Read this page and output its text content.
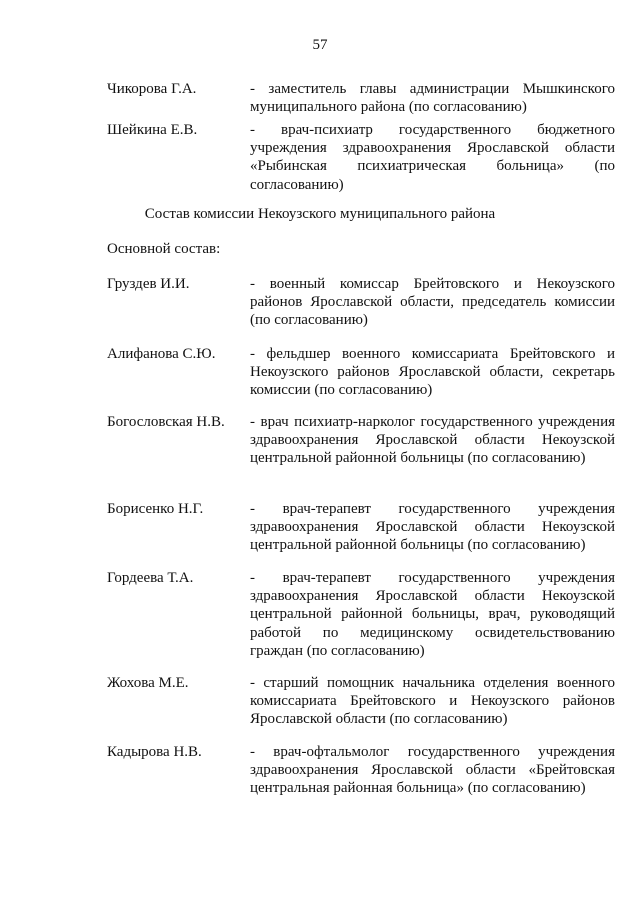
57
Чикорова Г.А.	- заместитель главы администрации Мышкинского муниципального района (по согласованию)
Шейкина Е.В.	- врач-психиатр государственного бюджетного учреждения здравоохранения Ярославской области «Рыбинская психиатрическая больница» (по согласованию)
Состав комиссии Некоузского муниципального района
Основной состав:
Груздев И.И.	- военный комиссар Брейтовского и Некоузского районов Ярославской области, председатель комиссии (по согласованию)
Алифанова С.Ю. - фельдшер военного комиссариата Брейтовского и Некоузского районов Ярославской области, секретарь комиссии (по согласованию)
Богословская Н.В. - врач психиатр-нарколог государственного учреждения здравоохранения Ярославской области Некоузской центральной районной больницы (по согласованию)
Борисенко Н.Г.	- врач-терапевт государственного учреждения здравоохранения Ярославской области Некоузской центральной районной больницы (по согласованию)
Гордеева Т.А.	- врач-терапевт государственного учреждения здравоохранения Ярославской области Некоузской центральной районной больницы, врач, руководящий работой по медицинскому освидетельствованию граждан (по согласованию)
Жохова М.Е.	- старший помощник начальника отделения военного комиссариата Брейтовского и Некоузского районов Ярославской области (по согласованию)
Кадырова Н.В.	- врач-офтальмолог государственного учреждения здравоохранения Ярославской области «Брейтовская центральная районная больница» (по согласованию)
